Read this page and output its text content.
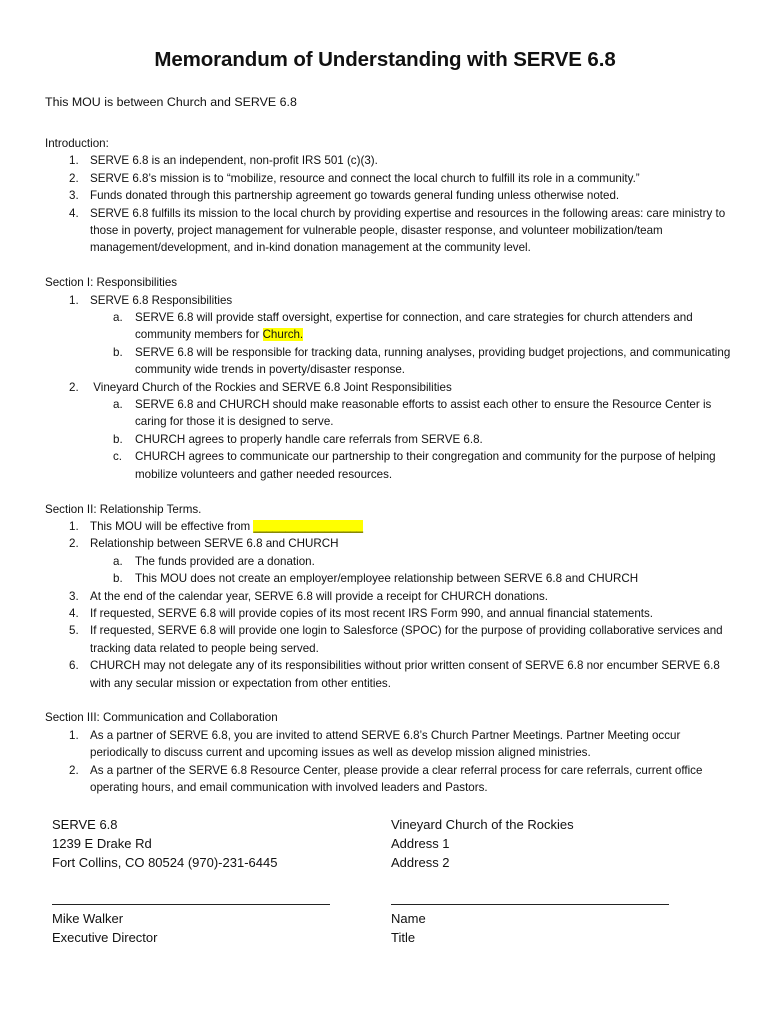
Memorandum of Understanding with SERVE 6.8
This MOU is between Church and SERVE 6.8
Introduction:
1. SERVE 6.8 is an independent, non-profit IRS 501 (c)(3).
2. SERVE 6.8’s mission is to “mobilize, resource and connect the local church to fulfill its role in a community.”
3. Funds donated through this partnership agreement go towards general funding unless otherwise noted.
4. SERVE 6.8 fulfills its mission to the local church by providing expertise and resources in the following areas: care ministry to those in poverty, project management for vulnerable people, disaster response, and volunteer mobilization/team management/development, and in-kind donation management at the community level.
Section I: Responsibilities
1. SERVE 6.8 Responsibilities
a. SERVE 6.8 will provide staff oversight, expertise for connection, and care strategies for church attenders and community members for Church.
b. SERVE 6.8 will be responsible for tracking data, running analyses, providing budget projections, and communicating community wide trends in poverty/disaster response.
2. Vineyard Church of the Rockies and SERVE 6.8 Joint Responsibilities
a. SERVE 6.8 and CHURCH should make reasonable efforts to assist each other to ensure the Resource Center is caring for those it is designed to serve.
b. CHURCH agrees to properly handle care referrals from SERVE 6.8.
c. CHURCH agrees to communicate our partnership to their congregation and community for the purpose of helping mobilize volunteers and gather needed resources.
Section II: Relationship Terms.
1. This MOU will be effective from _________________
2. Relationship between SERVE 6.8 and CHURCH
a. The funds provided are a donation.
b. This MOU does not create an employer/employee relationship between SERVE 6.8 and CHURCH
3. At the end of the calendar year, SERVE 6.8 will provide a receipt for CHURCH donations.
4. If requested, SERVE 6.8 will provide copies of its most recent IRS Form 990, and annual financial statements.
5. If requested, SERVE 6.8 will provide one login to Salesforce (SPOC) for the purpose of providing collaborative services and tracking data related to people being served.
6. CHURCH may not delegate any of its responsibilities without prior written consent of SERVE 6.8 nor encumber SERVE 6.8 with any secular mission or expectation from other entities.
Section III: Communication and Collaboration
1. As a partner of SERVE 6.8, you are invited to attend SERVE 6.8’s Church Partner Meetings. Partner Meeting occur periodically to discuss current and upcoming issues as well as develop mission aligned ministries.
2. As a partner of the SERVE 6.8 Resource Center, please provide a clear referral process for care referrals, current office operating hours, and email communication with involved leaders and Pastors.
SERVE 6.8
1239 E Drake Rd
Fort Collins, CO 80524 (970)-231-6445
Vineyard Church of the Rockies
Address 1
Address 2
Mike Walker
Executive Director
Name
Title
